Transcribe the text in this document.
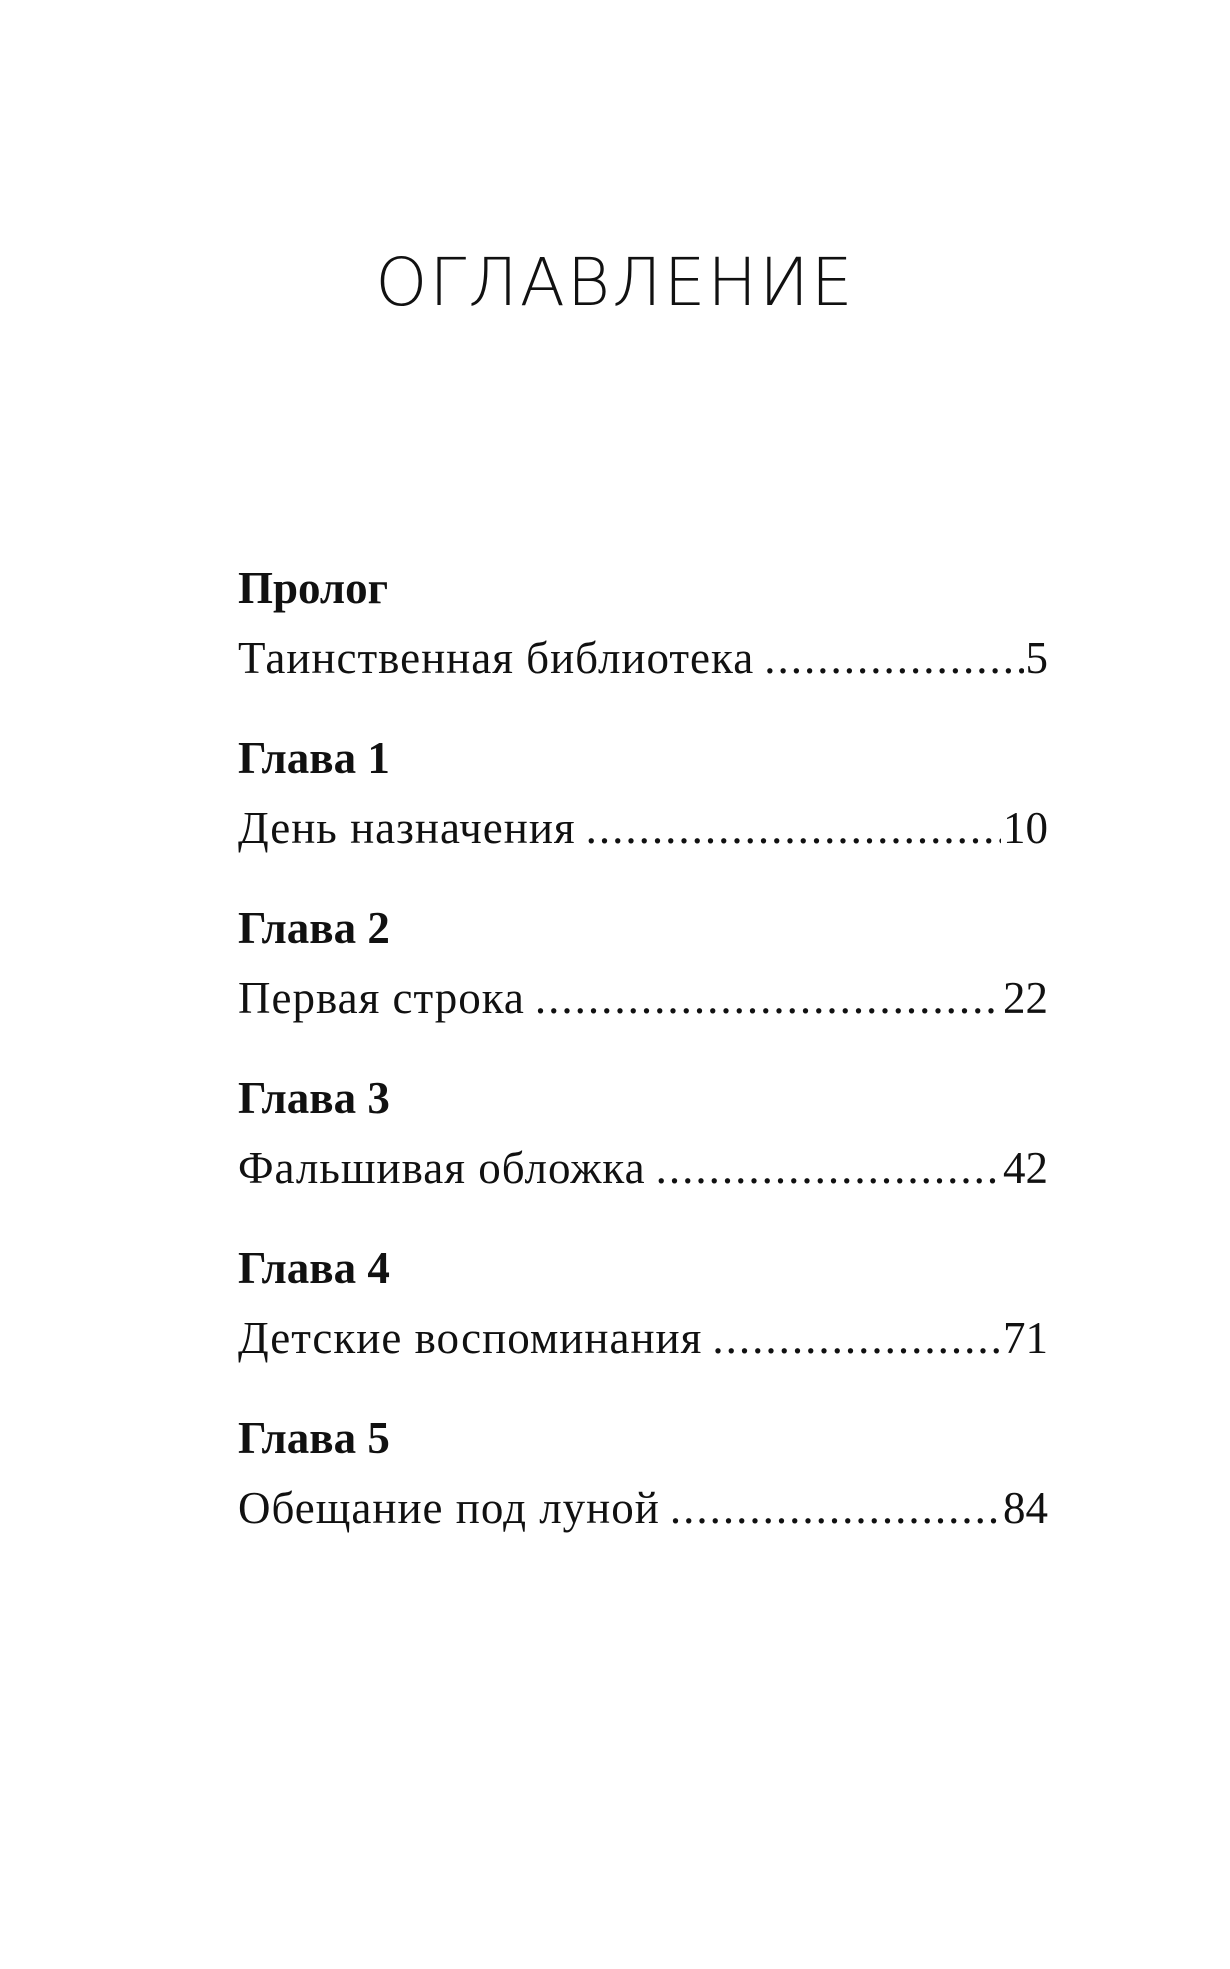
ОГЛАВЛЕНИЕ
Пролог
Таинственная библиотека .....	5
Глава 1
День назначения .....	10
Глава 2
Первая строка .....	22
Глава 3
Фальшивая обложка .....	42
Глава 4
Детские воспоминания .....	71
Глава 5
Обещание под луной .....	84
